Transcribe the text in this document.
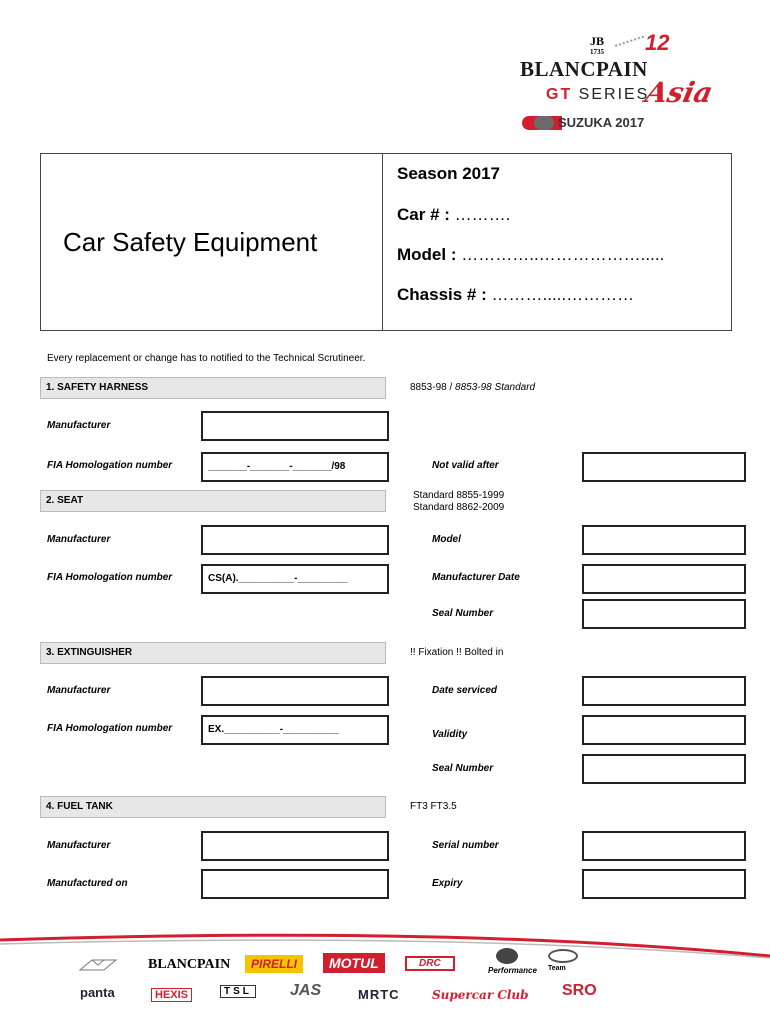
JB
1735 12
BLANCPAIN
GT SERIES
Asia
SUZUKA 2017
Car Safety Equipment
Season 2017
Car # : ……….
Model : …………..……………….....
Chassis # : ……….....…………
Every replacement or change has to notified to the Technical Scrutineer.
1. SAFETY HARNESS	8853-98 / 8853-98 Standard
Manufacturer
FIA Homologation number	_______-_______-_______/98	Not valid after
2. SEAT	Standard 8855-1999
Standard 8862-2009
Manufacturer	Model
FIA Homologation number	CS(A).__________-_________	Manufacturer Date
Seal Number
3. EXTINGUISHER	!! Fixation !! Bolted in
Manufacturer	Date serviced
FIA Homologation number	EX.__________-__________	Validity
Seal Number
4. FUEL TANK	FT3 FT3.5
Manufacturer	Serial number
Manufactured on	Expiry
BLANCPAIN	PIRELLI	MOTUL	DRC
Performance Team
panta	HEXIS	TSL JAS	MRTC	Supercar Club SRO
